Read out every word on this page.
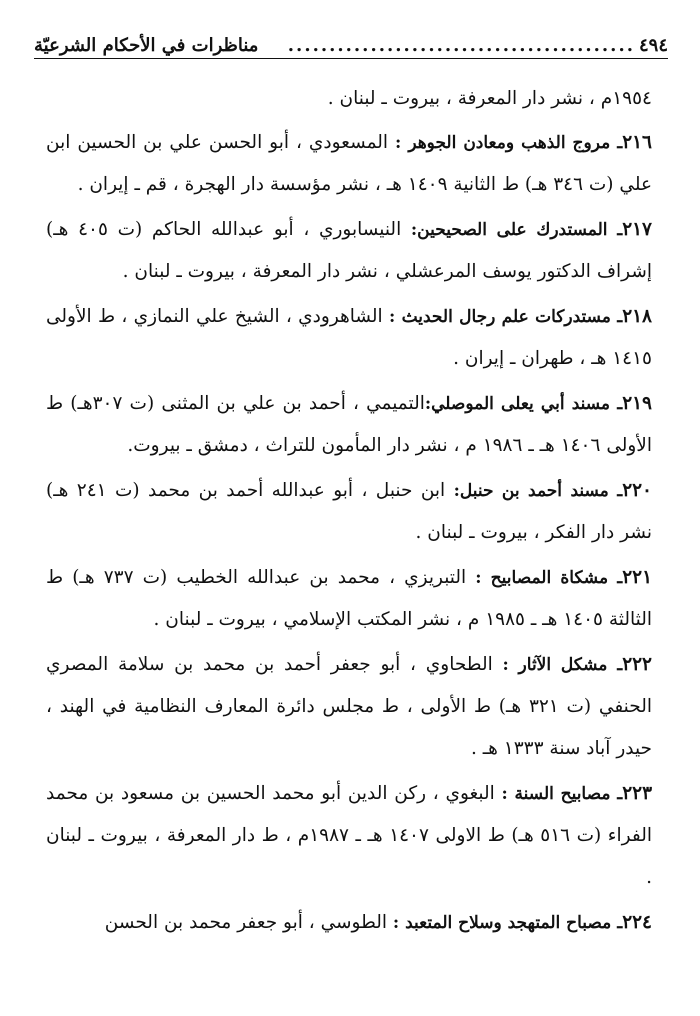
٤٩٤
..........................................
مناظرات في الأحكام الشرعيّة

١٩٥٤م ، نشر دار المعرفة ، بيروت ـ لبنان .

٢١٦ـ مروج الذهب ومعادن الجوهر : المسعودي ، أبو الحسن علي بن الحسين ابن علي (ت ٣٤٦ هـ) ط الثانية ١٤٠٩ هـ ، نشر مؤسسة دار الهجرة ، قم ـ إيران .

٢١٧ـ المستدرك على الصحيحين: النيسابوري ، أبو عبدالله الحاكم (ت ٤٠٥ هـ) إشراف الدكتور يوسف المرعشلي ، نشر دار المعرفة ، بيروت ـ لبنان .

٢١٨ـ مستدركات علم رجال الحديث : الشاهرودي ، الشيخ علي النمازي ، ط الأولى ١٤١٥ هـ ، طهران ـ إيران .

٢١٩ـ مسند أبي يعلى الموصلي:التميمي ، أحمد بن علي بن المثنى (ت ٣٠٧هـ) ط الأولى ١٤٠٦ هـ ـ ١٩٨٦ م ، نشر دار المأمون للتراث ، دمشق ـ بيروت.

٢٢٠ـ مسند أحمد بن حنبل: ابن حنبل ، أبو عبدالله أحمد بن محمد (ت ٢٤١ هـ) نشر دار الفكر ، بيروت ـ لبنان .

٢٢١ـ مشكاة المصابيح : التبريزي ، محمد بن عبدالله الخطيب (ت ٧٣٧ هـ) ط الثالثة ١٤٠٥ هـ ـ ١٩٨٥ م ، نشر المكتب الإسلامي ، بيروت ـ لبنان .

٢٢٢ـ مشكل الآثار : الطحاوي ، أبو جعفر أحمد بن محمد بن سلامة المصري الحنفي (ت ٣٢١ هـ) ط الأولى ، ط مجلس دائرة المعارف النظامية في الهند ، حيدر آباد سنة ١٣٣٣ هـ .

٢٢٣ـ مصابيح السنة : البغوي ، ركن الدين أبو محمد الحسين بن مسعود بن محمد الفراء (ت ٥١٦ هـ) ط الاولى ١٤٠٧ هـ ـ ١٩٨٧م ، ط دار المعرفة ، بيروت ـ لبنان .

٢٢٤ـ مصباح المتهجد وسلاح المتعبد : الطوسي ، أبو جعفر محمد بن الحسن
